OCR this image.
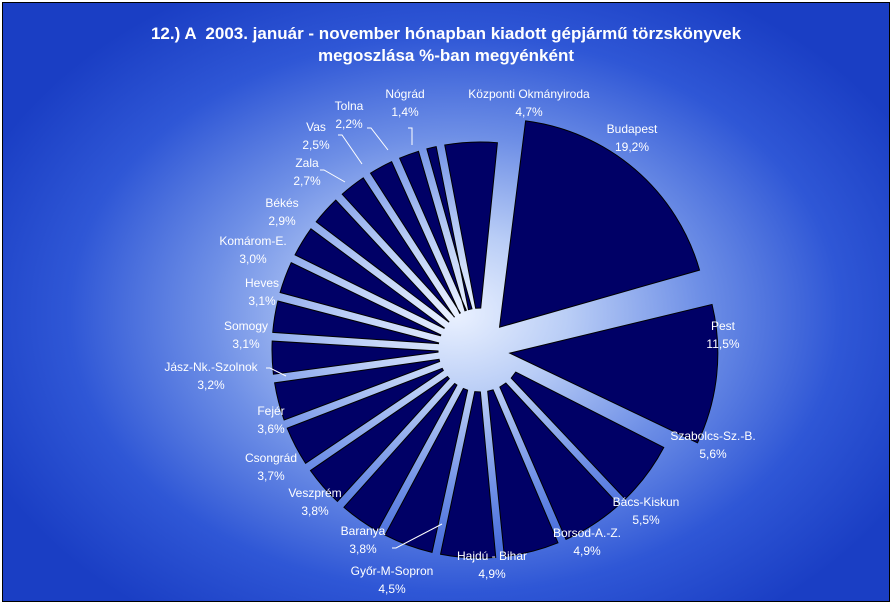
12.) A  2003. január - november hónapban kiadott gépjármű törzskönyvek
megoszlása %-ban megyénként
Budapest
19,2%
Pest
11,5%
Szabolcs-Sz.-B.
5,6%
Bács-Kiskun
5,5%
Borsod-A.-Z.
4,9%
Hajdú - Bihar
4,9%
Győr-M-Sopron
4,5%
Baranya
3,8%
Veszprém
3,8%
Csongrád
3,7%
Fejér
3,6%
Jász-Nk.-Szolnok
3,2%
Somogy
3,1%
Heves
3,1%
Komárom-E.
3,0%
Békés
2,9%
Zala
2,7%
Vas
2,5%
Tolna
2,2%
Nógrád
1,4%
Központi Okmányiroda
4,7%
